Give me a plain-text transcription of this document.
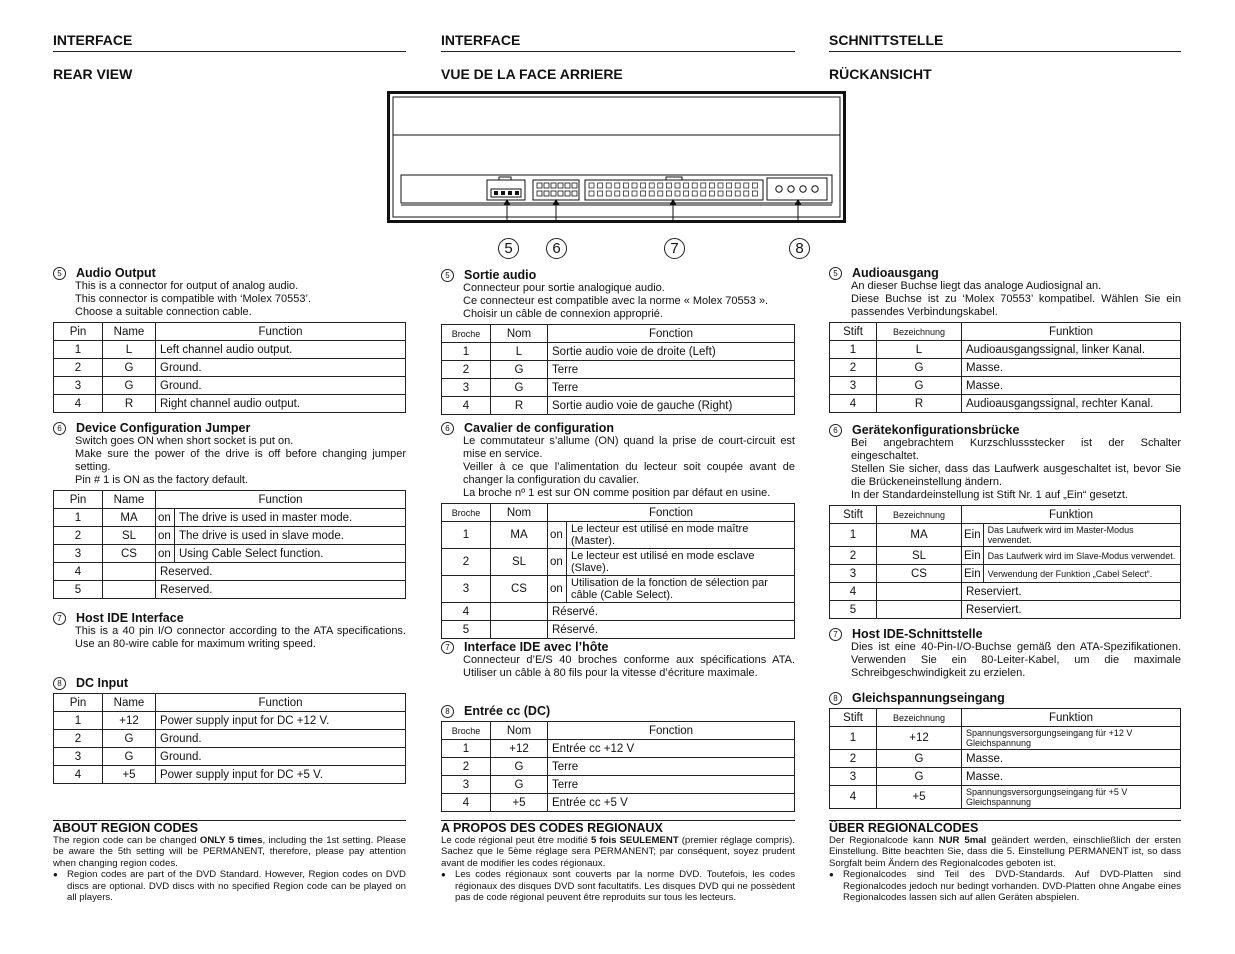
5	6	7	8
INTERFACE
REAR VIEW
5	Audio Output

This is a connector for output of analog audio.

This connector is compatible with ‘Molex 70553’.

Choose a suitable connection cable.

Pin	Name	Function
1	L	Left channel audio output.
2	G	Ground.
3	G	Ground.
4	R	Right channel audio output.
6	Device Configuration Jumper

Switch goes ON when short socket is put on.

Make sure the power of the drive is off before changing jumper setting.

Pin # 1 is ON as the factory default.

Pin	Name	Function	
1	MA	on	The drive is used in master mode.
2	SL	on	The drive is used in slave mode.
3	CS	on	Using Cable Select function.
4		Reserved.	
5		Reserved.	
7	Host IDE Interface

This is a 40 pin I/O connector according to the ATA specifications. Use an 80-wire cable for maximum writing speed.

8	DC Input
Pin	Name	Function
1	+12	Power supply input for DC +12 V.
2	G	Ground.
3	G	Ground.
4	+5	Power supply input for DC +5 V.
INTERFACE
VUE DE LA FACE ARRIERE
5	Sortie audio

Connecteur pour sortie analogique audio.

Ce connecteur est compatible avec la norme « Molex 70553 ».

Choisir un câble de connexion approprié.

Broche	Nom	Fonction
1	L	Sortie audio voie de droite (Left)
2	G	Terre
3	G	Terre
4	R	Sortie audio voie de gauche (Right)
6	Cavalier de configuration

Le commutateur s’allume (ON) quand la prise de court-circuit est mise en service.

Veiller à ce que l’alimentation du lecteur soit coupée avant de changer la configuration du cavalier.

La broche nº 1 est sur ON comme position par défaut en usine.

Broche	Nom	Fonction	
1	MA	on	Le lecteur est utilisé en mode maître (Master).
2	SL	on	Le lecteur est utilisé en mode esclave (Slave).
3	CS	on	Utilisation de la fonction de sélection par câble (Cable Select).
4		Réservé.	
5		Réservé.	
7	Interface IDE avec l’hôte

Connecteur d’E/S 40 broches conforme aux spécifications ATA. Utiliser un câble à 80 fils pour la vitesse d’écriture maximale.

8	Entrée cc (DC)
Broche	Nom	Fonction
1	+12	Entrée cc +12 V
2	G	Terre
3	G	Terre
4	+5	Entrée cc +5 V
SCHNITTSTELLE
RÜCKANSICHT
5	Audioausgang

An dieser Buchse liegt das analoge Audiosignal an.

Diese Buchse ist zu ‘Molex 70553’ kompatibel. Wählen Sie ein passendes Verbindungskabel.

Stift	Bezeichnung	Funktion
1	L	Audioausgangssignal, linker Kanal.
2	G	Masse.
3	G	Masse.
4	R	Audioausgangssignal, rechter Kanal.
6	Gerätekonfigurationsbrücke

Bei angebrachtem Kurzschlussstecker ist der Schalter eingeschaltet.

Stellen Sie sicher, dass das Laufwerk ausgeschaltet ist, bevor Sie die Brückeneinstellung ändern.

In der Standardeinstellung ist Stift Nr. 1 auf „Ein“ gesetzt.

Stift	Bezeichnung	Funktion	
1	MA	Ein	Das Laufwerk wird im Master-Modus verwendet.
2	SL	Ein	Das Laufwerk wird im Slave-Modus verwendet.
3	CS	Ein	Verwendung der Funktion „Cabel Select“.
4		Reserviert.	
5		Reserviert.	
7	Host IDE-Schnittstelle

Dies ist eine 40-Pin-I/O-Buchse gemäß den ATA-Spezifikationen. Verwenden Sie ein 80-Leiter-Kabel, um die maximale Schreibgeschwindigkeit zu erzielen.

8	Gleichspannungseingang
Stift	Bezeichnung	Funktion
1	+12	Spannungsversorgungseingang für +12 V Gleichspannung
2	G	Masse.
3	G	Masse.
4	+5	Spannungsversorgungseingang für +5 V Gleichspannung
ABOUT REGION CODES

The region code can be changed ONLY 5 times, including the 1st setting. Please be aware the 5th setting will be PERMANENT, therefore, please pay attention when changing region codes.

● Region codes are part of the DVD Standard. However, Region codes on DVD discs are optional. DVD discs with no specified Region code can be played on all players.
A PROPOS DES CODES REGIONAUX

Le code régional peut être modifié 5 fois SEULEMENT (premier réglage compris). Sachez que le 5ème réglage sera PERMANENT; par conséquent, soyez prudent avant de modifier les codes régionaux.

● Les codes régionaux sont couverts par la norme DVD. Toutefois, les codes régionaux des disques DVD sont facultatifs. Les disques DVD qui ne possèdent pas de code régional peuvent être reproduits sur tous les lecteurs.
ÜBER REGIONALCODES

Der Regionalcode kann NUR 5mal geändert werden, einschließlich der ersten Einstellung. Bitte beachten Sie, dass die 5. Einstellung PERMANENT ist, so dass Sorgfalt beim Ändern des Regionalcodes geboten ist.

● Regionalcodes sind Teil des DVD-Standards. Auf DVD-Platten sind Regionalcodes jedoch nur bedingt vorhanden. DVD-Platten ohne Angabe eines Regionalcodes lassen sich auf allen Geräten abspielen.
